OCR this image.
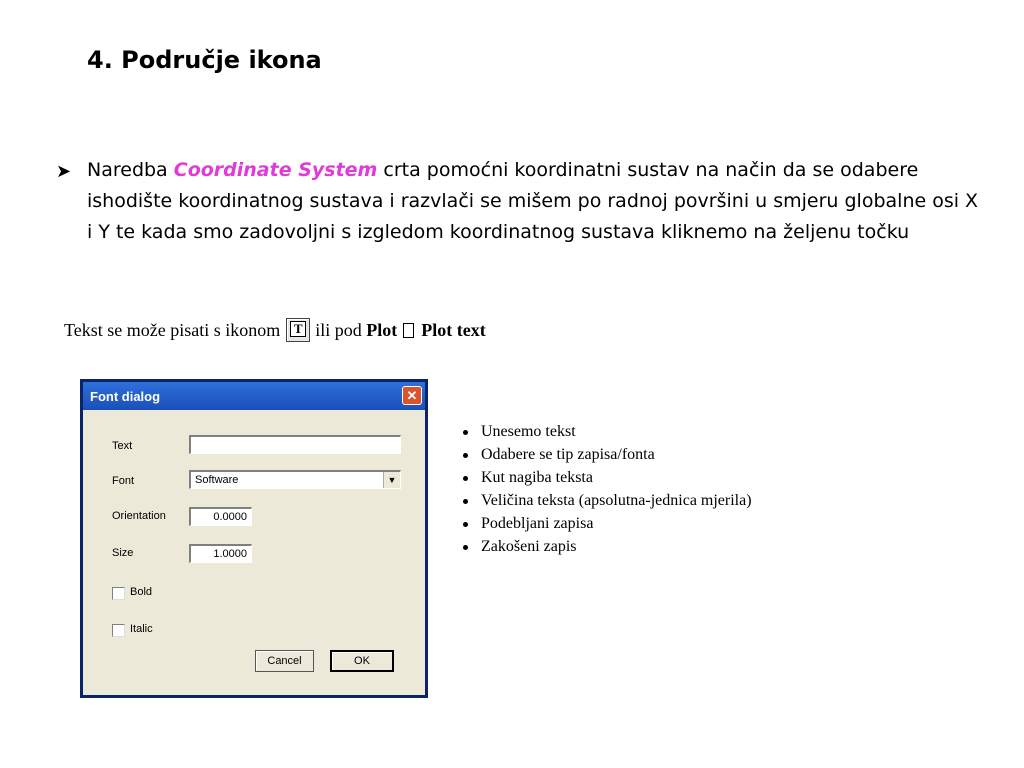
4. Područje ikona
➤ Naredba Coordinate System crta pomoćni koordinatni sustav na način da se odabere ishodište koordinatnog sustava i razvlači se mišem po radnoj površini u smjeru globalne osi X i Y te kada smo zadovoljni s izgledom koordinatnog sustava kliknemo na željenu točku
Tekst se može pisati s ikonom T ili pod
Plot Plot text
Font dialog	✕
Text
Font	Software	▼
Orientation	0.0000
Size	1.0000
Bold
Italic
Cancel	OK
Unesemo tekst
Odabere se tip zapisa/fonta
Kut nagiba teksta
Veličina teksta (apsolutna-jednica mjerila)
Podebljani zapisa
Zakošeni zapis
